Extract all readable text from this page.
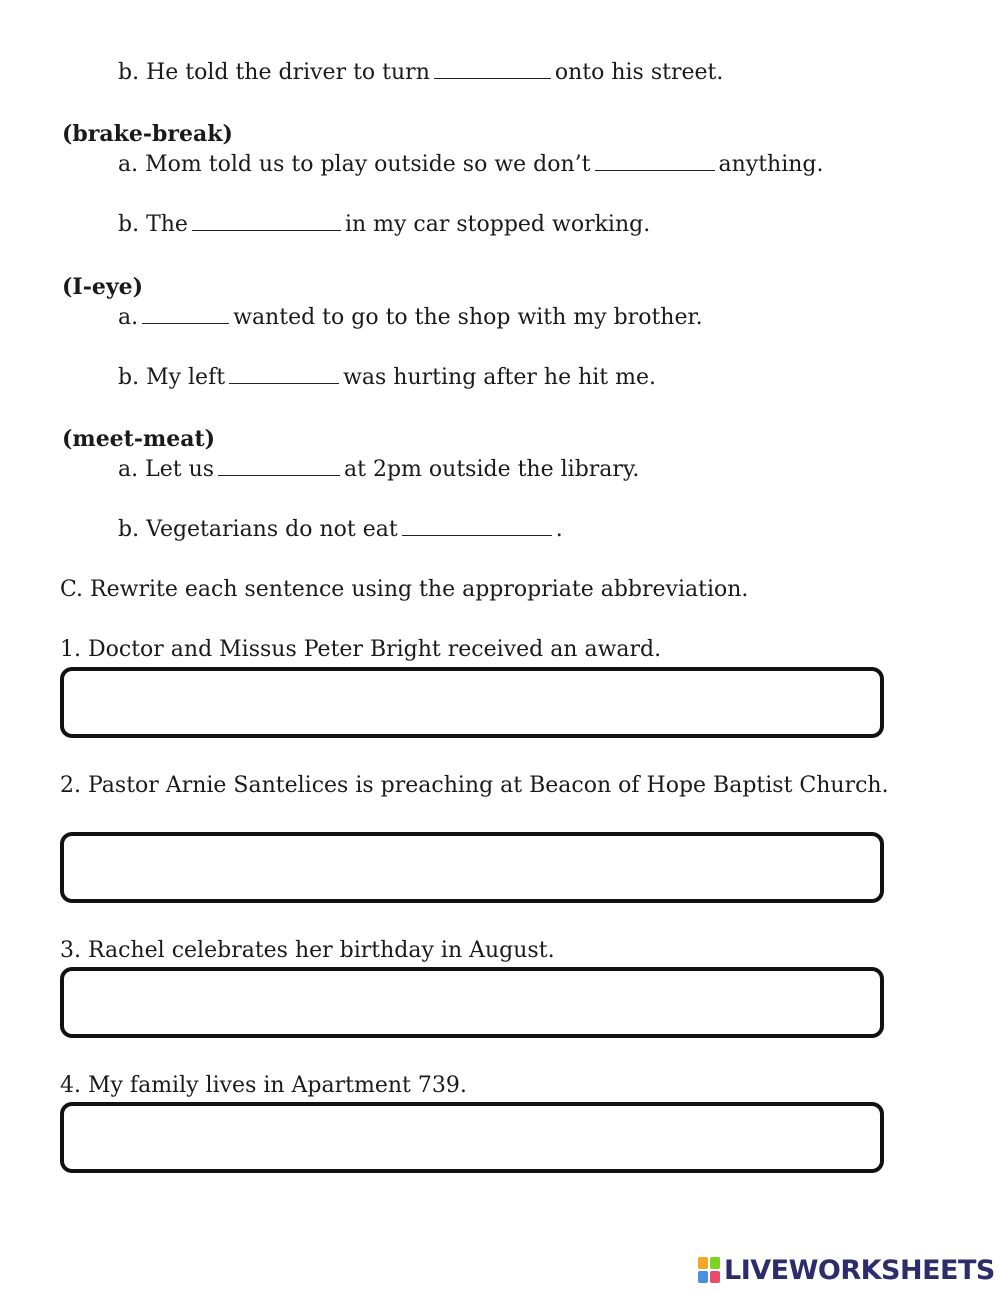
b. He told the driver to turn	onto his street.
(brake-break)
a. Mom told us to play outside so we don’t	anything.
b. The	in my car stopped working.
(I-eye)
a.	wanted to go to the shop with my brother.
b. My left	was hurting after he hit me.
(meet-meat)
a. Let us	at 2pm outside the library.
b. Vegetarians do not eat	.
C. Rewrite each sentence using the appropriate abbreviation.
1. Doctor and Missus Peter Bright received an award.
2. Pastor Arnie Santelices is preaching at Beacon of Hope Baptist Church.
3. Rachel celebrates her birthday in August.
4. My family lives in Apartment 739.
LIVEWORKSHEETS
